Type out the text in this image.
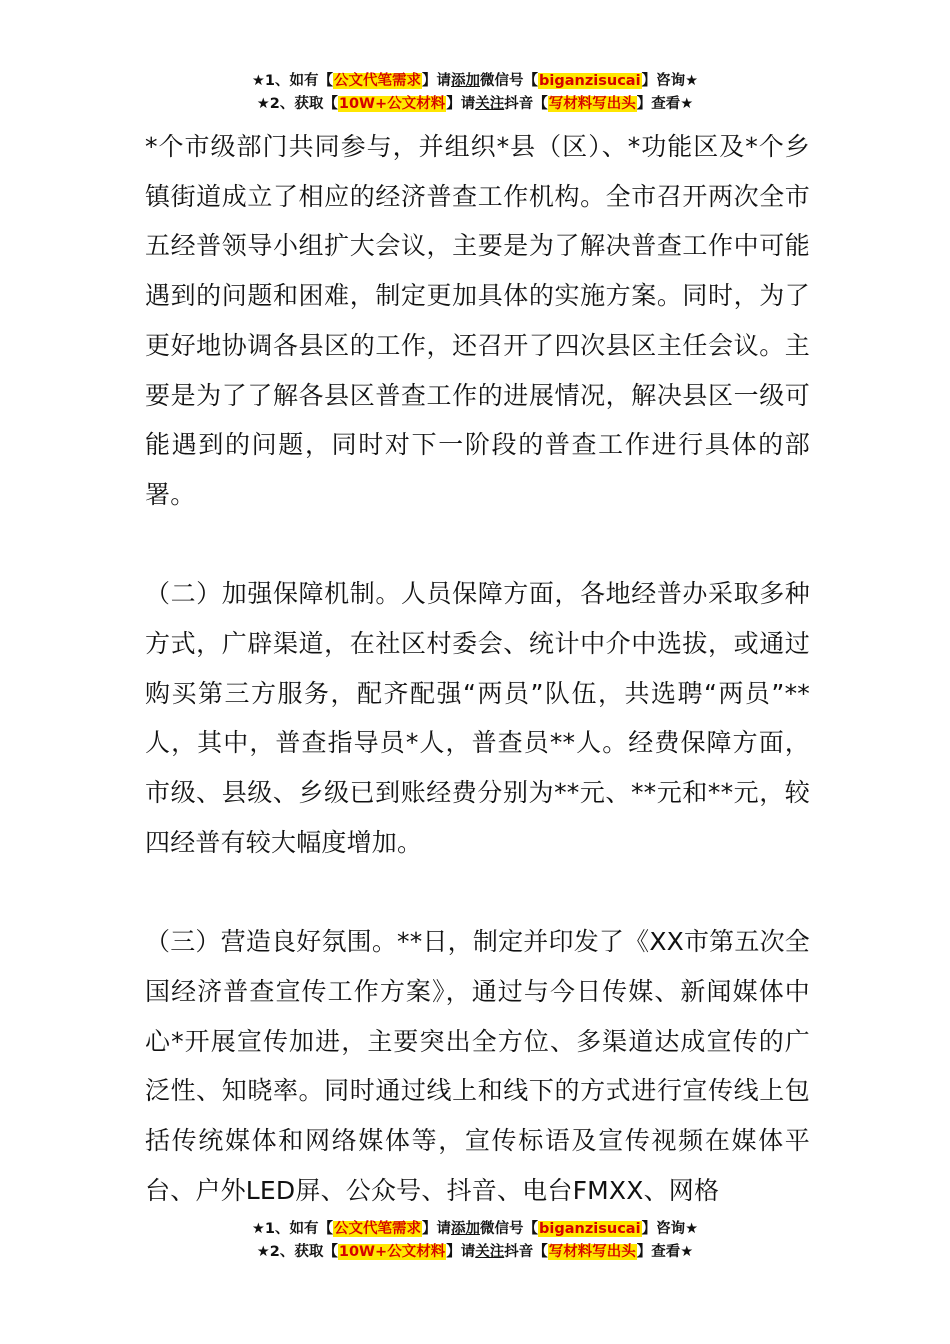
★1、如有【公文代笔需求】请添加微信号【biganzisucai】咨询★
★2、获取【10W+公文材料】请关注抖音【写材料写出头】查看★

*个市级部门共同参与，并组织*县（区）、*功能区及*个乡镇街道成立了相应的经济普查工作机构。全市召开两次全市五经普领导小组扩大会议，主要是为了解决普查工作中可能遇到的问题和困难，制定更加具体的实施方案。同时，为了更好地协调各县区的工作，还召开了四次县区主任会议。主要是为了了解各县区普查工作的进展情况，解决县区一级可能遇到的问题，同时对下一阶段的普查工作进行具体的部署。

（二）加强保障机制。人员保障方面，各地经普办采取多种方式，广辟渠道，在社区村委会、统计中介中选拔，或通过购买第三方服务，配齐配强“两员”队伍，共选聘“两员”**人，其中，普查指导员*人，普查员**人。经费保障方面，市级、县级、乡级已到账经费分别为**元、**元和**元，较四经普有较大幅度增加。

（三）营造良好氛围。**日，制定并印发了《XX市第五次全国经济普查宣传工作方案》，通过与今日传媒、新闻媒体中心*开展宣传加进，主要突出全方位、多渠道达成宣传的广泛性、知晓率。同时通过线上和线下的方式进行宣传线上包括传统媒体和网络媒体等，宣传标语及宣传视频在媒体平台、户外LED屏、公众号、抖音、电台FMXX、网格

★1、如有【公文代笔需求】请添加微信号【biganzisucai】咨询★
★2、获取【10W+公文材料】请关注抖音【写材料写出头】查看★
